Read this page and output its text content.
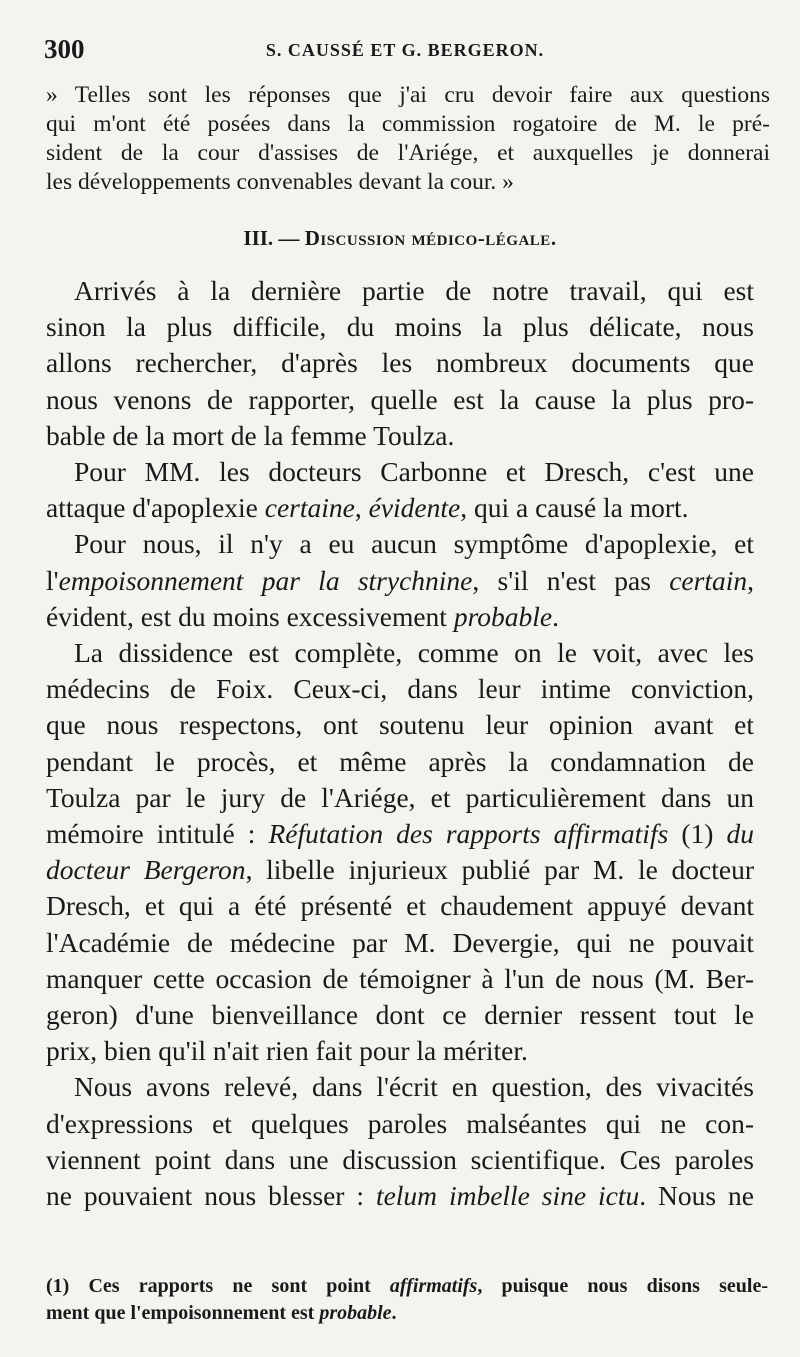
300	S. CAUSSÉ ET G. BERGERON.
» Telles sont les réponses que j'ai cru devoir faire aux questions
qui m'ont été posées dans la commission rogatoire de M. le pré-
sident de la cour d'assises de l'Ariége, et auxquelles je donnerai
les développements convenables devant la cour. »
III. — Discussion médico-légale.
Arrivés à la dernière partie de notre travail, qui est
sinon la plus difficile, du moins la plus délicate, nous
allons rechercher, d'après les nombreux documents que
nous venons de rapporter, quelle est la cause la plus pro-
bable de la mort de la femme Toulza.
Pour MM. les docteurs Carbonne et Dresch, c'est une
attaque d'apoplexie certaine, évidente, qui a causé la mort.
Pour nous, il n'y a eu aucun symptôme d'apoplexie, et
l'empoisonnement par la strychnine, s'il n'est pas certain,
évident, est du moins excessivement probable.
La dissidence est complète, comme on le voit, avec les
médecins de Foix. Ceux-ci, dans leur intime conviction,
que nous respectons, ont soutenu leur opinion avant et
pendant le procès, et même après la condamnation de
Toulza par le jury de l'Ariége, et particulièrement dans un
mémoire intitulé : Réfutation des rapports affirmatifs (1) du
docteur Bergeron, libelle injurieux publié par M. le docteur
Dresch, et qui a été présenté et chaudement appuyé devant
l'Académie de médecine par M. Devergie, qui ne pouvait
manquer cette occasion de témoigner à l'un de nous (M. Ber-
geron) d'une bienveillance dont ce dernier ressent tout le
prix, bien qu'il n'ait rien fait pour la mériter.
Nous avons relevé, dans l'écrit en question, des vivacités
d'expressions et quelques paroles malséantes qui ne con-
viennent point dans une discussion scientifique. Ces paroles
ne pouvaient nous blesser : telum imbelle sine ictu. Nous ne
(1) Ces rapports ne sont point affirmatifs, puisque nous disons seule-
ment que l'empoisonnement est probable.
